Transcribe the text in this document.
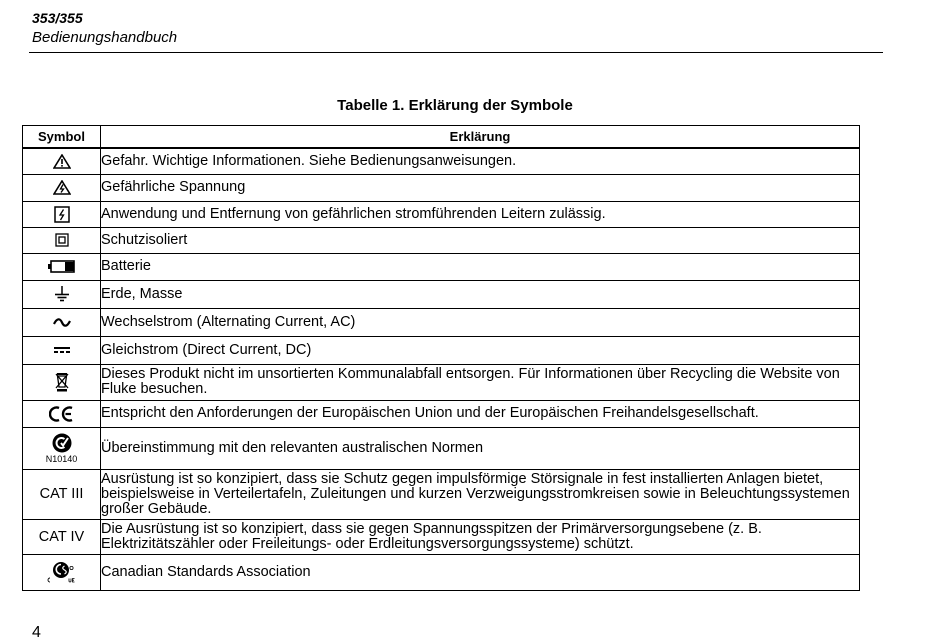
353/355
Bedienungshandbuch
Tabelle 1. Erklärung der Symbole
Symbol	Erklärung

	Gefahr. Wichtige Informationen. Siehe Bedienungsanweisungen.

	Gefährliche Spannung

	Anwendung und Entfernung von gefährlichen stromführenden Leitern zulässig.

	Schutzisoliert

	Batterie

	Erde, Masse

	Wechselstrom (Alternating Current, AC)

	Gleichstrom (Direct Current, DC)

	Dieses Produkt nicht im unsortierten Kommunalabfall entsorgen. Für Informationen über Recycling die Website von Fluke besuchen.

	Entspricht den Anforderungen der Europäischen Union und der Europäischen Freihandelsgesellschaft.

N10140	Übereinstimmung mit den relevanten australischen Normen
CAT III	Ausrüstung ist so konzipiert, dass sie Schutz gegen impulsförmige Störsignale in fest installierten Anlagen bietet, beispielsweise in Verteilertafeln, Zuleitungen und kurzen Verzweigungsstromkreisen sowie in Beleuchtungssystemen großer Gebäude.
CAT IV	Die Ausrüstung ist so konzipiert, dass sie gegen Spannungsspitzen der Primärversorgungsebene (z. B. Elektrizitätszähler oder Freileitungs- oder Erdleitungsversorgungssysteme) schützt.

	Canadian Standards Association
4
